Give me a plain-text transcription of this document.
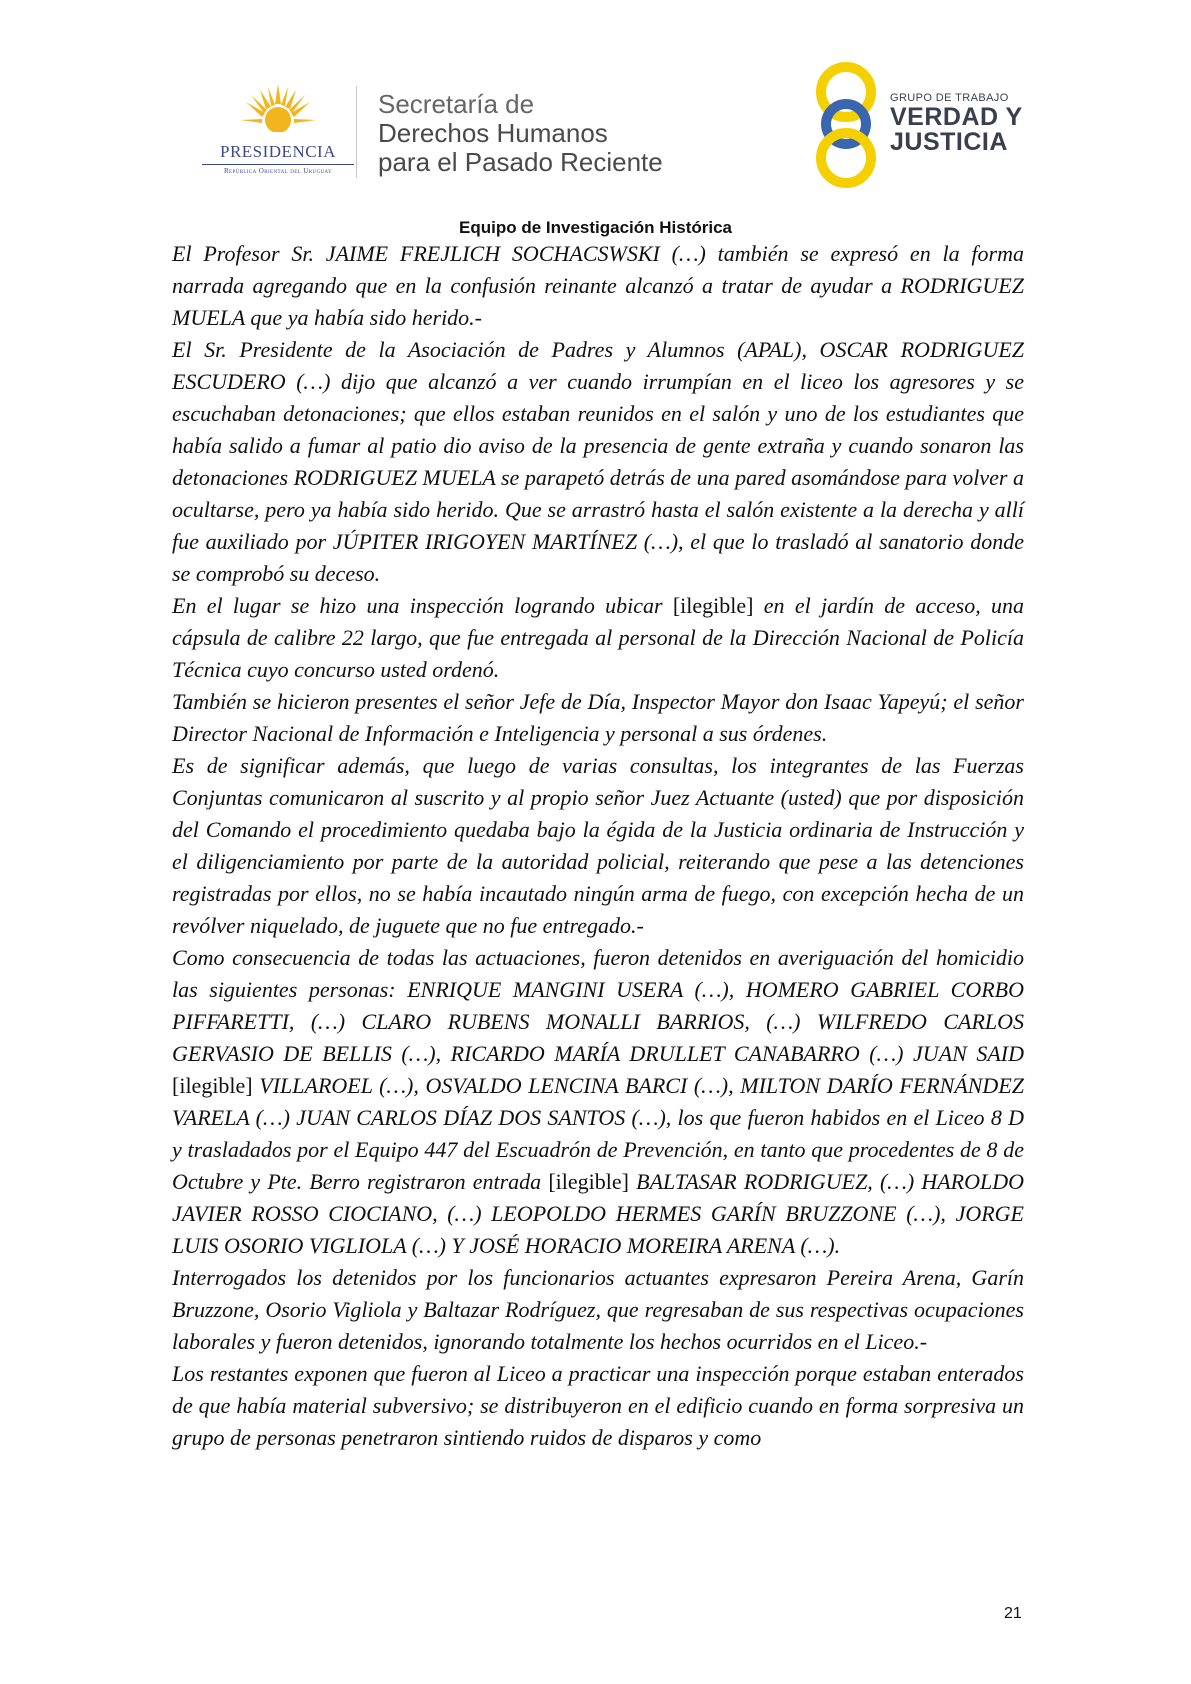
PRESIDENCIA
República Oriental del Uruguay
Secretaría de
Derechos Humanos
para el Pasado Reciente
GRUPO DE TRABAJO
VERDAD Y
JUSTICIA
Equipo de Investigación Histórica

El Profesor Sr. JAIME FREJLICH SOCHACSWSKI (…) también se expresó en la forma narrada agregando que en la confusión reinante alcanzó a tratar de ayudar a RODRIGUEZ MUELA que ya había sido herido.-

El Sr. Presidente de la Asociación de Padres y Alumnos (APAL), OSCAR RODRIGUEZ ESCUDERO (…) dijo que alcanzó a ver cuando irrumpían en el liceo los agresores y se escuchaban detonaciones; que ellos estaban reunidos en el salón y uno de los estudiantes que había salido a fumar al patio dio aviso de la presencia de gente extraña y cuando sonaron las detonaciones RODRIGUEZ MUELA se parapetó detrás de una pared asomándose para volver a ocultarse, pero ya había sido herido. Que se arrastró hasta el salón existente a la derecha y allí fue auxiliado por JÚPITER IRIGOYEN MARTÍNEZ (…), el que lo trasladó al sanatorio donde se comprobó su deceso.

En el lugar se hizo una inspección logrando ubicar [ilegible] en el jardín de acceso, una cápsula de calibre 22 largo, que fue entregada al personal de la Dirección Nacional de Policía Técnica cuyo concurso usted ordenó.

También se hicieron presentes el señor Jefe de Día, Inspector Mayor don Isaac Yapeyú; el señor Director Nacional de Información e Inteligencia y personal a sus órdenes.

Es de significar además, que luego de varias consultas, los integrantes de las Fuerzas Conjuntas comunicaron al suscrito y al propio señor Juez Actuante (usted) que por disposición del Comando el procedimiento quedaba bajo la égida de la Justicia ordinaria de Instrucción y el diligenciamiento por parte de la autoridad policial, reiterando que pese a las detenciones registradas por ellos, no se había incautado ningún arma de fuego, con excepción hecha de un revólver niquelado, de juguete que no fue entregado.-

Como consecuencia de todas las actuaciones, fueron detenidos en averiguación del homicidio las siguientes personas: ENRIQUE MANGINI USERA (…), HOMERO GABRIEL CORBO PIFFARETTI, (…) CLARO RUBENS MONALLI BARRIOS, (…) WILFREDO CARLOS GERVASIO DE BELLIS (…), RICARDO MARÍA DRULLET CANABARRO (…) JUAN SAID [ilegible] VILLAROEL (…), OSVALDO LENCINA BARCI (…), MILTON DARÍO FERNÁNDEZ VARELA (…) JUAN CARLOS DÍAZ DOS SANTOS (…), los que fueron habidos en el Liceo 8 D y trasladados por el Equipo 447 del Escuadrón de Prevención, en tanto que procedentes de 8 de Octubre y Pte. Berro registraron entrada [ilegible] BALTASAR RODRIGUEZ, (…) HAROLDO JAVIER ROSSO CIOCIANO, (…) LEOPOLDO HERMES GARÍN BRUZZONE (…), JORGE LUIS OSORIO VIGLIOLA (…) Y JOSÉ HORACIO MOREIRA ARENA (…).

Interrogados los detenidos por los funcionarios actuantes expresaron Pereira Arena, Garín Bruzzone, Osorio Vigliola y Baltazar Rodríguez, que regresaban de sus respectivas ocupaciones laborales y fueron detenidos, ignorando totalmente los hechos ocurridos en el Liceo.-

Los restantes exponen que fueron al Liceo a practicar una inspección porque estaban enterados de que había material subversivo; se distribuyeron en el edificio cuando en forma sorpresiva un grupo de personas penetraron sintiendo ruidos de disparos y como

21
